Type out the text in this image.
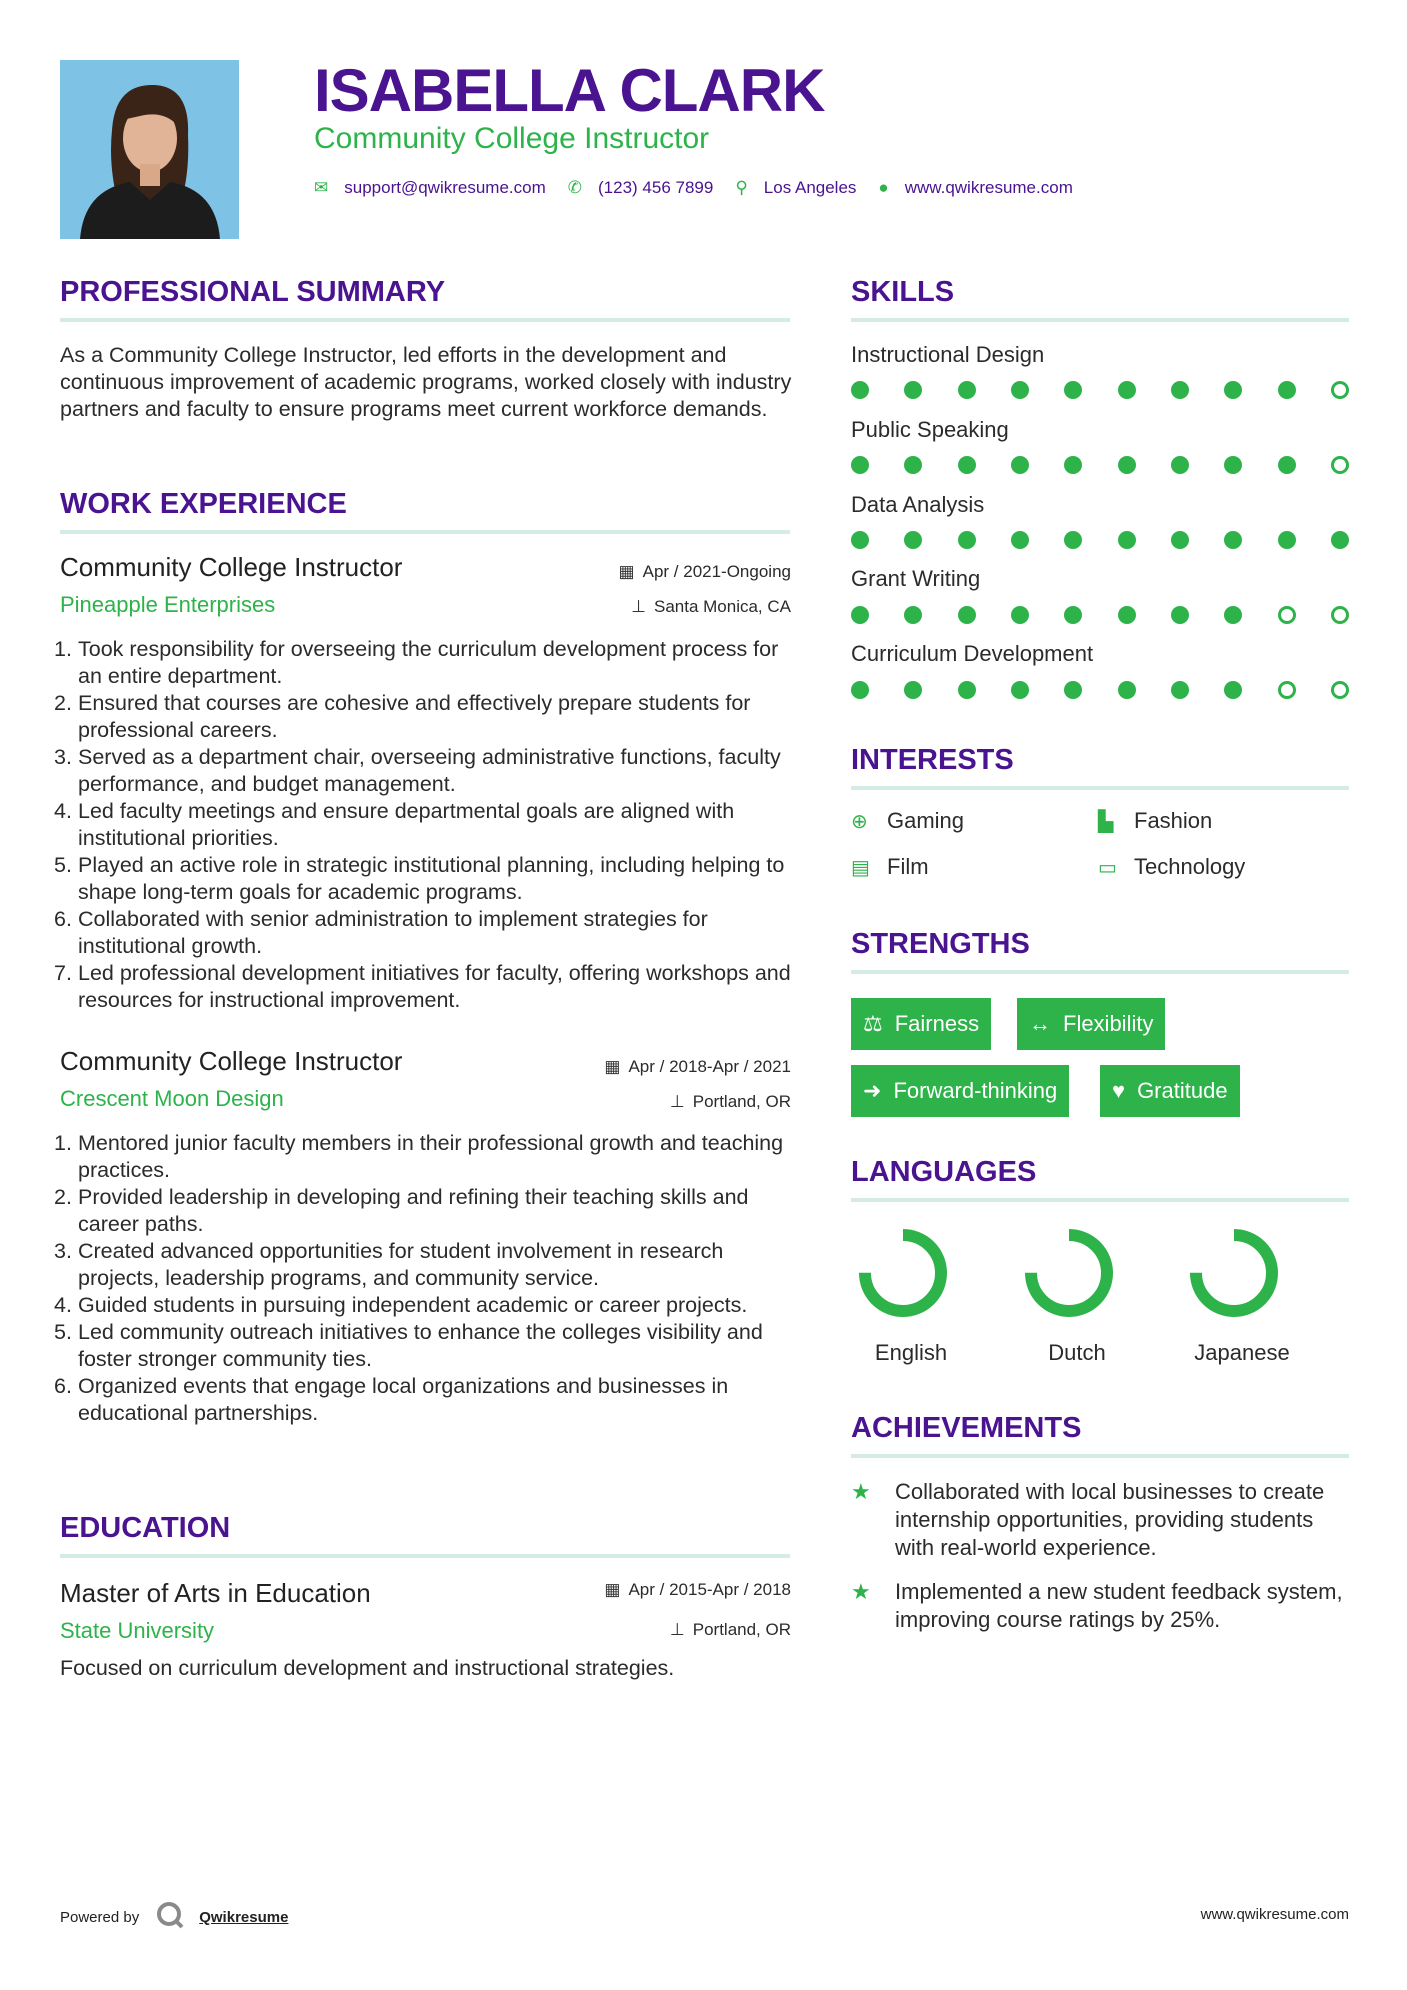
ISABELLA CLARK
Community College Instructor
✉ support@qwikresume.com ✆ (123) 456 7899 ⚲ Los Angeles ● www.qwikresume.com
PROFESSIONAL SUMMARY
As a Community College Instructor, led efforts in the development and continuous improvement of academic programs, worked closely with industry partners and faculty to ensure programs meet current workforce demands.
WORK EXPERIENCE
Community College Instructor
Pineapple Enterprises
▦ Apr / 2021-Ongoing
⊥ Santa Monica, CA
1. Took responsibility for overseeing the curriculum development process for an entire department.
2. Ensured that courses are cohesive and effectively prepare students for professional careers.
3. Served as a department chair, overseeing administrative functions, faculty performance, and budget management.
4. Led faculty meetings and ensure departmental goals are aligned with institutional priorities.
5. Played an active role in strategic institutional planning, including helping to shape long-term goals for academic programs.
6. Collaborated with senior administration to implement strategies for institutional growth.
7. Led professional development initiatives for faculty, offering workshops and resources for instructional improvement.
Community College Instructor
Crescent Moon Design
▦ Apr / 2018-Apr / 2021
⊥ Portland, OR
1. Mentored junior faculty members in their professional growth and teaching practices.
2. Provided leadership in developing and refining their teaching skills and career paths.
3. Created advanced opportunities for student involvement in research projects, leadership programs, and community service.
4. Guided students in pursuing independent academic or career projects.
5. Led community outreach initiatives to enhance the colleges visibility and foster stronger community ties.
6. Organized events that engage local organizations and businesses in educational partnerships.
EDUCATION
Master of Arts in Education
State University
▦ Apr / 2015-Apr / 2018
⊥ Portland, OR
Focused on curriculum development and instructional strategies.
SKILLS
Instructional Design
Public Speaking
Data Analysis
Grant Writing
Curriculum Development
INTERESTS
⊕ Gaming	▙ Fashion
▤ Film	▭ Technology
STRENGTHS
⚖ Fairness ↔ Flexibility
➜ Forward-thinking ♥ Gratitude
LANGUAGES
English	Dutch	Japanese
ACHIEVEMENTS
★	Collaborated with local businesses to create internship opportunities, providing students with real-world experience.
★	Implemented a new student feedback system, improving course ratings by 25%.
Powered by	Qwikresume	www.qwikresume.com
